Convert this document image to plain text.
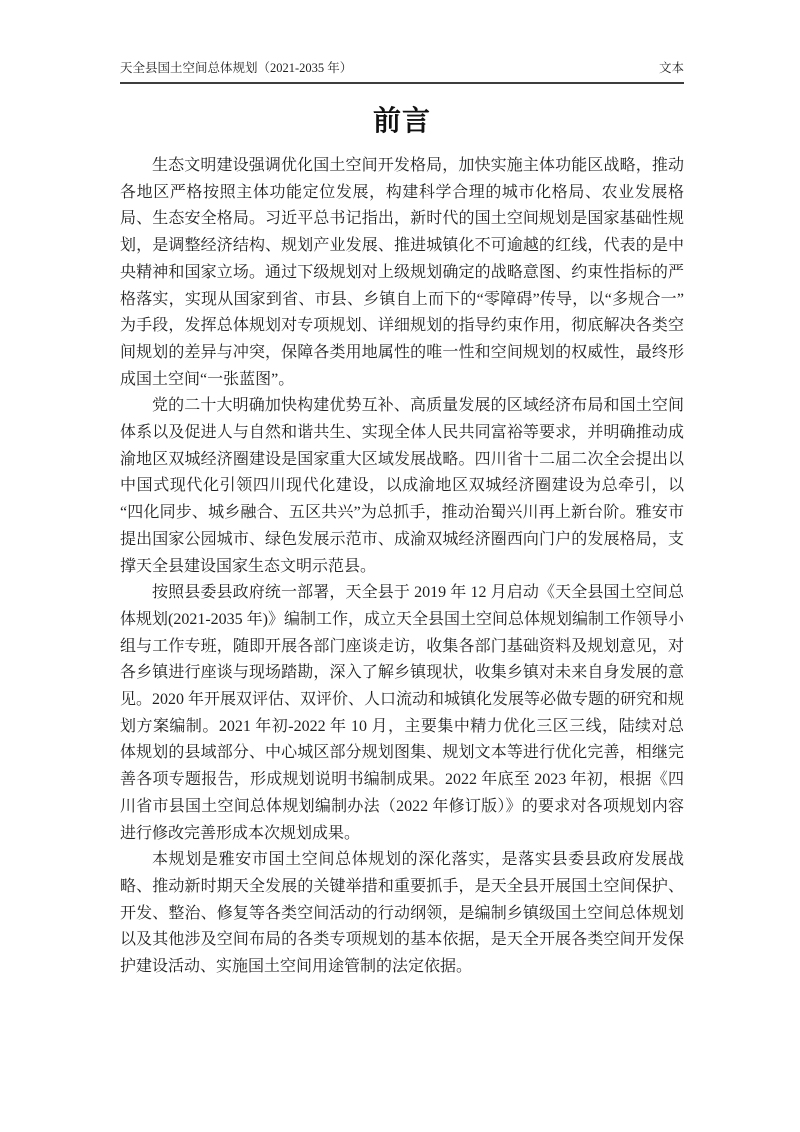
天全县国土空间总体规划（2021-2035 年）	文本
前言

生态文明建设强调优化国土空间开发格局，加快实施主体功能区战略，推动各地区严格按照主体功能定位发展，构建科学合理的城市化格局、农业发展格局、生态安全格局。习近平总书记指出，新时代的国土空间规划是国家基础性规划，是调整经济结构、规划产业发展、推进城镇化不可逾越的红线，代表的是中央精神和国家立场。通过下级规划对上级规划确定的战略意图、约束性指标的严格落实，实现从国家到省、市县、乡镇自上而下的“零障碍”传导，以“多规合一”为手段，发挥总体规划对专项规划、详细规划的指导约束作用，彻底解决各类空间规划的差异与冲突，保障各类用地属性的唯一性和空间规划的权威性，最终形成国土空间“一张蓝图”。

党的二十大明确加快构建优势互补、高质量发展的区域经济布局和国土空间体系以及促进人与自然和谐共生、实现全体人民共同富裕等要求，并明确推动成渝地区双城经济圈建设是国家重大区域发展战略。四川省十二届二次全会提出以中国式现代化引领四川现代化建设，以成渝地区双城经济圈建设为总牵引，以“四化同步、城乡融合、五区共兴”为总抓手，推动治蜀兴川再上新台阶。雅安市提出国家公园城市、绿色发展示范市、成渝双城经济圈西向门户的发展格局，支撑天全县建设国家生态文明示范县。

按照县委县政府统一部署，天全县于 2019 年 12 月启动《天全县国土空间总体规划(2021-2035 年)》编制工作，成立天全县国土空间总体规划编制工作领导小组与工作专班，随即开展各部门座谈走访，收集各部门基础资料及规划意见，对各乡镇进行座谈与现场踏勘，深入了解乡镇现状，收集乡镇对未来自身发展的意见。2020 年开展双评估、双评价、人口流动和城镇化发展等必做专题的研究和规划方案编制。2021 年初-2022 年 10 月，主要集中精力优化三区三线，陆续对总体规划的县域部分、中心城区部分规划图集、规划文本等进行优化完善，相继完善各项专题报告，形成规划说明书编制成果。2022 年底至 2023 年初，根据《四川省市县国土空间总体规划编制办法（2022 年修订版）》的要求对各项规划内容进行修改完善形成本次规划成果。

本规划是雅安市国土空间总体规划的深化落实，是落实县委县政府发展战略、推动新时期天全发展的关键举措和重要抓手，是天全县开展国土空间保护、开发、整治、修复等各类空间活动的行动纲领，是编制乡镇级国土空间总体规划以及其他涉及空间布局的各类专项规划的基本依据，是天全开展各类空间开发保护建设活动、实施国土空间用途管制的法定依据。
